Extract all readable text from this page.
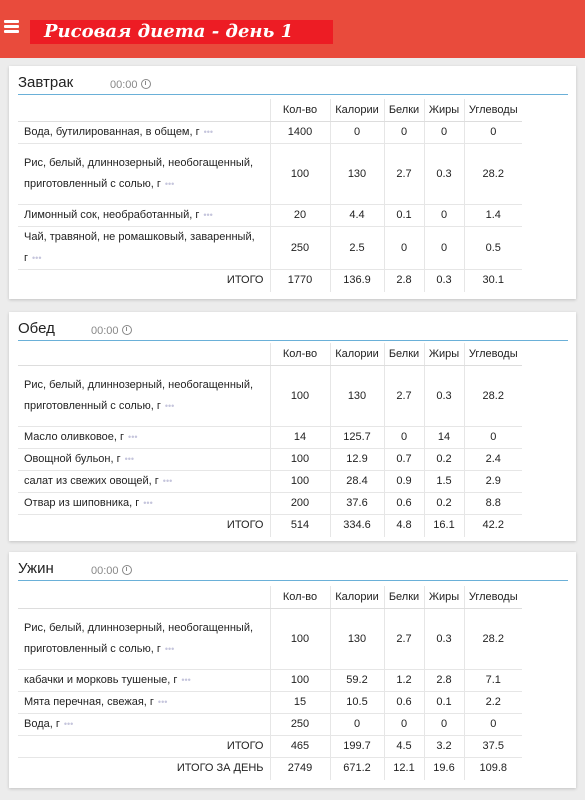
Рисовая диета - день 1
Завтрак	00:00
	Кол-во	Калории	Белки	Жиры	Углеводы
Вода, бутилированная, в общем, г •••	1400	0	0	0	0
Рис, белый, длиннозерный, необогащенный, приготовленный с солью, г •••	100	130	2.7	0.3	28.2
Лимонный сок, необработанный, г •••	20	4.4	0.1	0	1.4
Чай, травяной, не ромашковый, заваренный, г •••	250	2.5	0	0	0.5
ИТОГО	1770	136.9	2.8	0.3	30.1
Обед	00:00
	Кол-во	Калории	Белки	Жиры	Углеводы
Рис, белый, длиннозерный, необогащенный, приготовленный с солью, г •••	100	130	2.7	0.3	28.2
Масло оливковое, г •••	14	125.7	0	14	0
Овощной бульон, г •••	100	12.9	0.7	0.2	2.4
салат из свежих овощей, г •••	100	28.4	0.9	1.5	2.9
Отвар из шиповника, г •••	200	37.6	0.6	0.2	8.8
ИТОГО	514	334.6	4.8	16.1	42.2
Ужин	00:00
	Кол-во	Калории	Белки	Жиры	Углеводы
Рис, белый, длиннозерный, необогащенный, приготовленный с солью, г •••	100	130	2.7	0.3	28.2
кабачки и морковь тушеные, г •••	100	59.2	1.2	2.8	7.1
Мята перечная, свежая, г •••	15	10.5	0.6	0.1	2.2
Вода, г •••	250	0	0	0	0
ИТОГО	465	199.7	4.5	3.2	37.5
ИТОГО ЗА ДЕНЬ	2749	671.2	12.1	19.6	109.8
